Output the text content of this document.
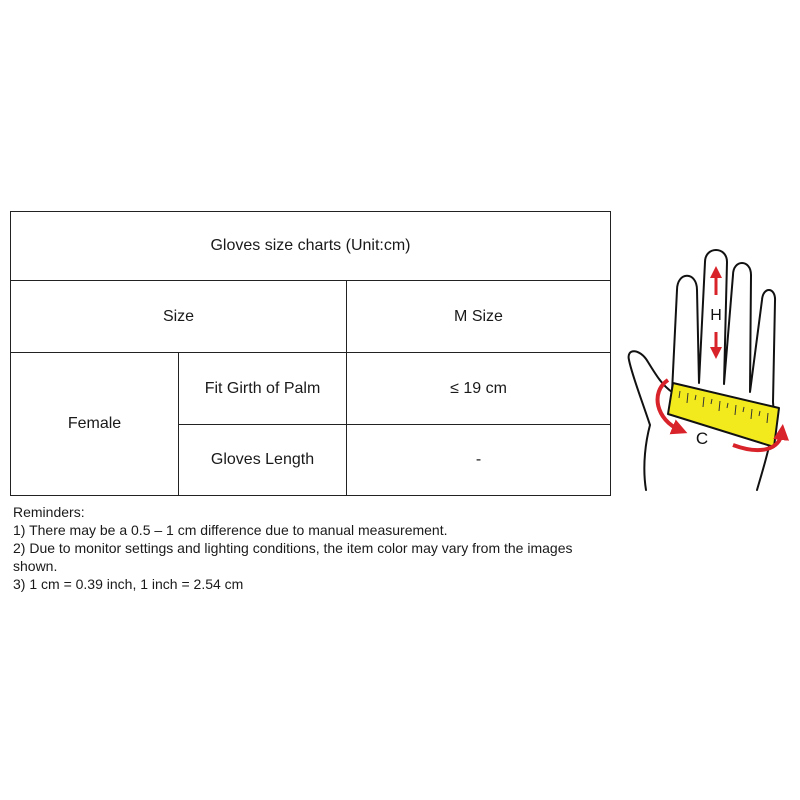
Gloves size charts (Unit:cm)		
Size		M Size
Female	Fit Girth of Palm	≤ 19 cm
	Gloves Length	-
Reminders:
1) There may be a 0.5 – 1 cm difference due to manual measurement.
2) Due to monitor settings and lighting conditions, the item color may vary from the images shown.
3) 1 cm = 0.39 inch, 1 inch = 2.54 cm
H
C
